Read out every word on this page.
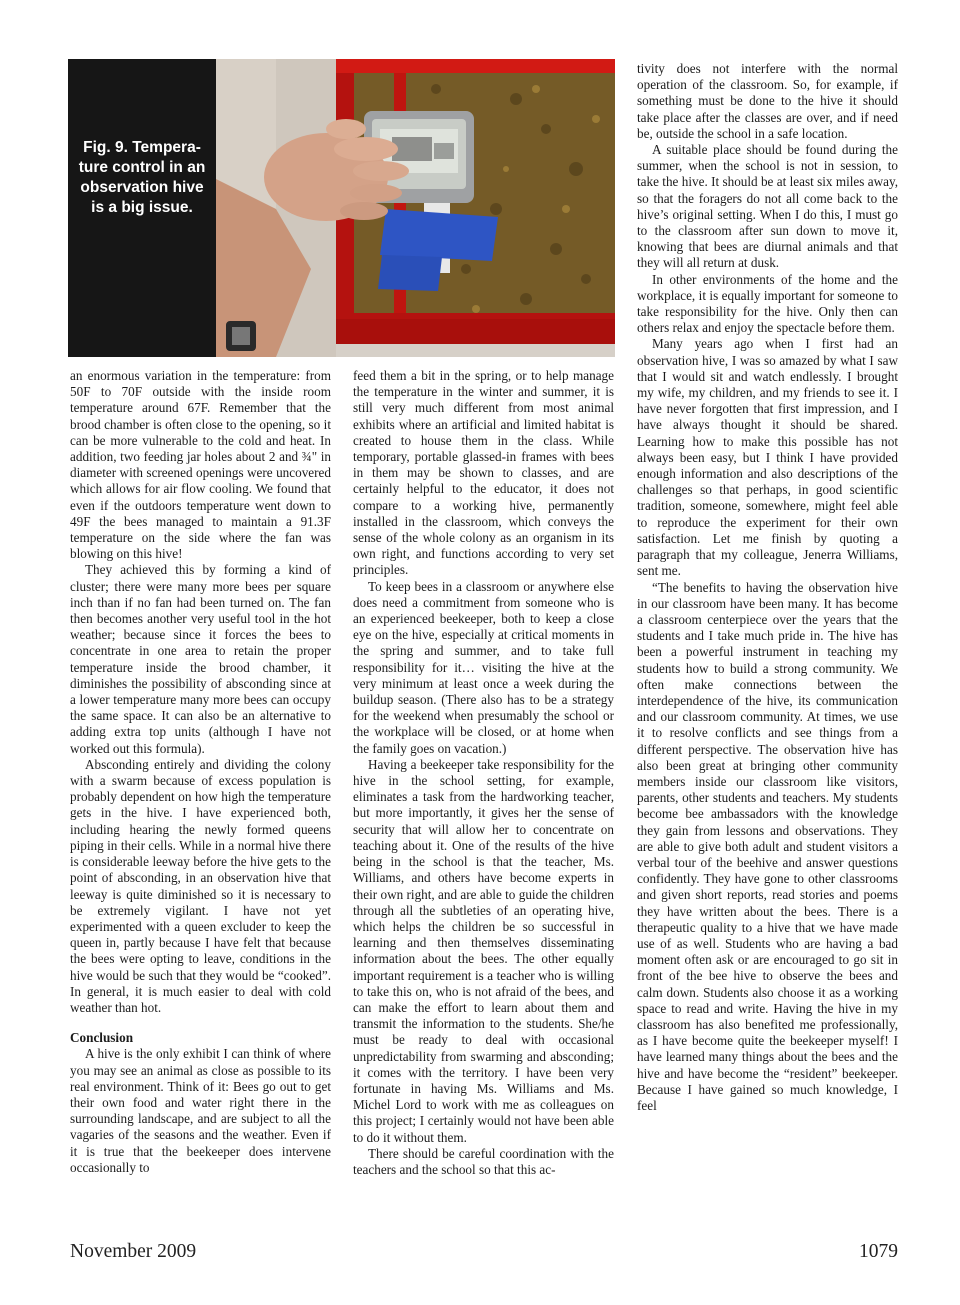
Fig. 9. Tempera-ture control in an observation hive is a big issue.

an enormous variation in the temperature: from 50F to 70F outside with the inside room temperature around 67F. Remember that the brood chamber is often close to the opening, so it can be more vulnerable to the cold and heat. In addition, two feeding jar holes about 2 and ¾" in diameter with screened openings were uncovered which allows for air flow cooling. We found that even if the outdoors temperature went down to 49F the bees managed to maintain a 91.3F temperature on the side where the fan was blowing on this hive!

They achieved this by forming a kind of cluster; there were many more bees per square inch than if no fan had been turned on. The fan then becomes another very useful tool in the hot weather; because since it forces the bees to concentrate in one area to retain the proper temperature inside the brood chamber, it diminishes the possibility of absconding since at a lower temperature many more bees can occupy the same space. It can also be an alternative to adding extra top units (although I have not worked out this formula).

Absconding entirely and dividing the colony with a swarm because of excess population is probably dependent on how high the temperature gets in the hive. I have experienced both, including hearing the newly formed queens piping in their cells. While in a normal hive there is considerable leeway before the hive gets to the point of absconding, in an observation hive that leeway is quite diminished so it is necessary to be extremely vigilant. I have not yet experimented with a queen excluder to keep the queen in, partly because I have felt that because the bees were opting to leave, conditions in the hive would be such that they would be “cooked”. In general, it is much easier to deal with cold weather than hot.

Conclusion

A hive is the only exhibit I can think of where you may see an animal as close as possible to its real environment. Think of it: Bees go out to get their own food and water right there in the surrounding landscape, and are subject to all the vagaries of the seasons and the weather. Even if it is true that the beekeeper does intervene occasionally to

feed them a bit in the spring, or to help manage the temperature in the winter and summer, it is still very much different from most animal exhibits where an artificial and limited habitat is created to house them in the class. While temporary, portable glassed-in frames with bees in them may be shown to classes, and are certainly helpful to the educator, it does not compare to a working hive, permanently installed in the classroom, which conveys the sense of the whole colony as an organism in its own right, and functions according to very set principles.

To keep bees in a classroom or anywhere else does need a commitment from someone who is an experienced beekeeper, both to keep a close eye on the hive, especially at critical moments in the spring and summer, and to take full responsibility for it… visiting the hive at the very minimum at least once a week during the buildup season. (There also has to be a strategy for the weekend when presumably the school or the workplace will be closed, or at home when the family goes on vacation.)

Having a beekeeper take responsibility for the hive in the school setting, for example, eliminates a task from the hardworking teacher, but more importantly, it gives her the sense of security that will allow her to concentrate on teaching about it. One of the results of the hive being in the school is that the teacher, Ms. Williams, and others have become experts in their own right, and are able to guide the children through all the subtleties of an operating hive, which helps the children be so successful in learning and then themselves disseminating information about the bees. The other equally important requirement is a teacher who is willing to take this on, who is not afraid of the bees, and can make the effort to learn about them and transmit the information to the students. She/he must be ready to deal with occasional unpredictability from swarming and absconding; it comes with the territory. I have been very fortunate in having Ms. Williams and Ms. Michel Lord to work with me as colleagues on this project; I certainly would not have been able to do it without them.

There should be careful coordination with the teachers and the school so that this ac-

tivity does not interfere with the normal operation of the classroom. So, for example, if something must be done to the hive it should take place after the classes are over, and if need be, outside the school in a safe location.

A suitable place should be found during the summer, when the school is not in session, to take the hive. It should be at least six miles away, so that the foragers do not all come back to the hive’s original setting. When I do this, I must go to the classroom after sun down to move it, knowing that bees are diurnal animals and that they will all return at dusk.

In other environments of the home and the workplace, it is equally important for someone to take responsibility for the hive. Only then can others relax and enjoy the spectacle before them.

Many years ago when I first had an observation hive, I was so amazed by what I saw that I would sit and watch endlessly. I brought my wife, my children, and my friends to see it. I have never forgotten that first impression, and I have always thought it should be shared. Learning how to make this possible has not always been easy, but I think I have provided enough information and also descriptions of the challenges so that perhaps, in good scientific tradition, someone, somewhere, might feel able to reproduce the experiment for their own satisfaction. Let me finish by quoting a paragraph that my colleague, Jenerra Williams, sent me.

“The benefits to having the observation hive in our classroom have been many. It has become a classroom centerpiece over the years that the students and I take much pride in. The hive has been a powerful instrument in teaching my students how to build a strong community. We often make connections between the interdependence of the hive, its communication and our classroom community. At times, we use it to resolve conflicts and see things from a different perspective. The observation hive has also been great at bringing other community members inside our classroom like visitors, parents, other students and teachers. My students become bee ambassadors with the knowledge they gain from lessons and observations. They are able to give both adult and student visitors a verbal tour of the beehive and answer questions confidently. They have gone to other classrooms and given short reports, read stories and poems they have written about the bees. There is a therapeutic quality to a hive that we have made use of as well. Students who are having a bad moment often ask or are encouraged to go sit in front of the bee hive to observe the bees and calm down. Students also choose it as a working space to read and write. Having the hive in my classroom has also benefited me professionally, as I have become quite the beekeeper myself! I have learned many things about the bees and the hive and have become the “resident” beekeeper. Because I have gained so much knowledge, I feel

November 2009	1079
